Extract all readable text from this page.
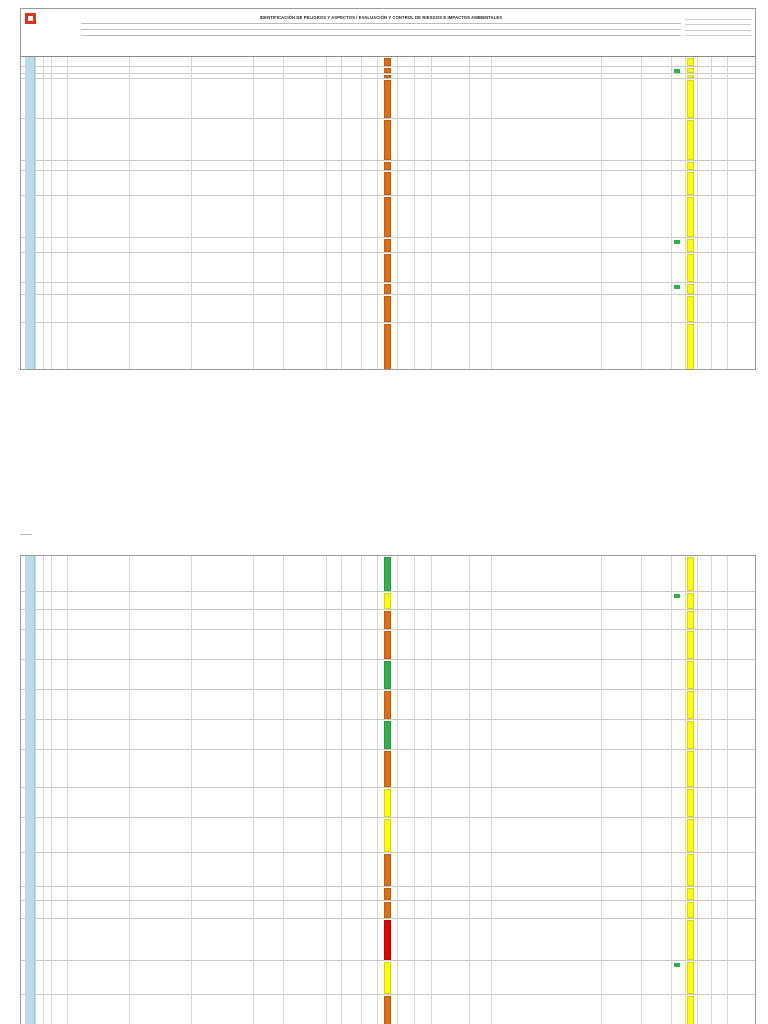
IDENTIFICACIÓN DE PELIGROS Y ASPECTOS / EVALUACIÓN Y CONTROL DE RIESGOS E IMPACTOS AMBIENTALES
